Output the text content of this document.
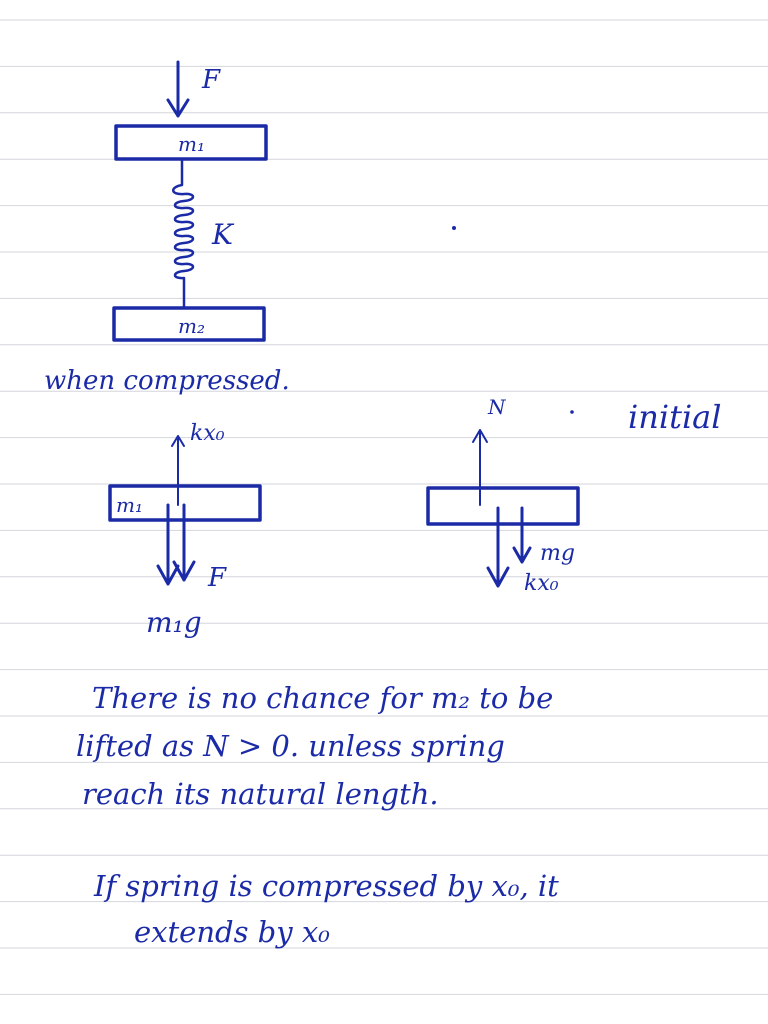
F
m₁
K
m₂
when compressed.
kx₀
m₁
F
m₁g
N	initial
mg
kx₀
There is no chance for m₂ to be
lifted as N > 0. unless spring
reach its natural length.
If spring is compressed by x₀, it
extends by x₀
